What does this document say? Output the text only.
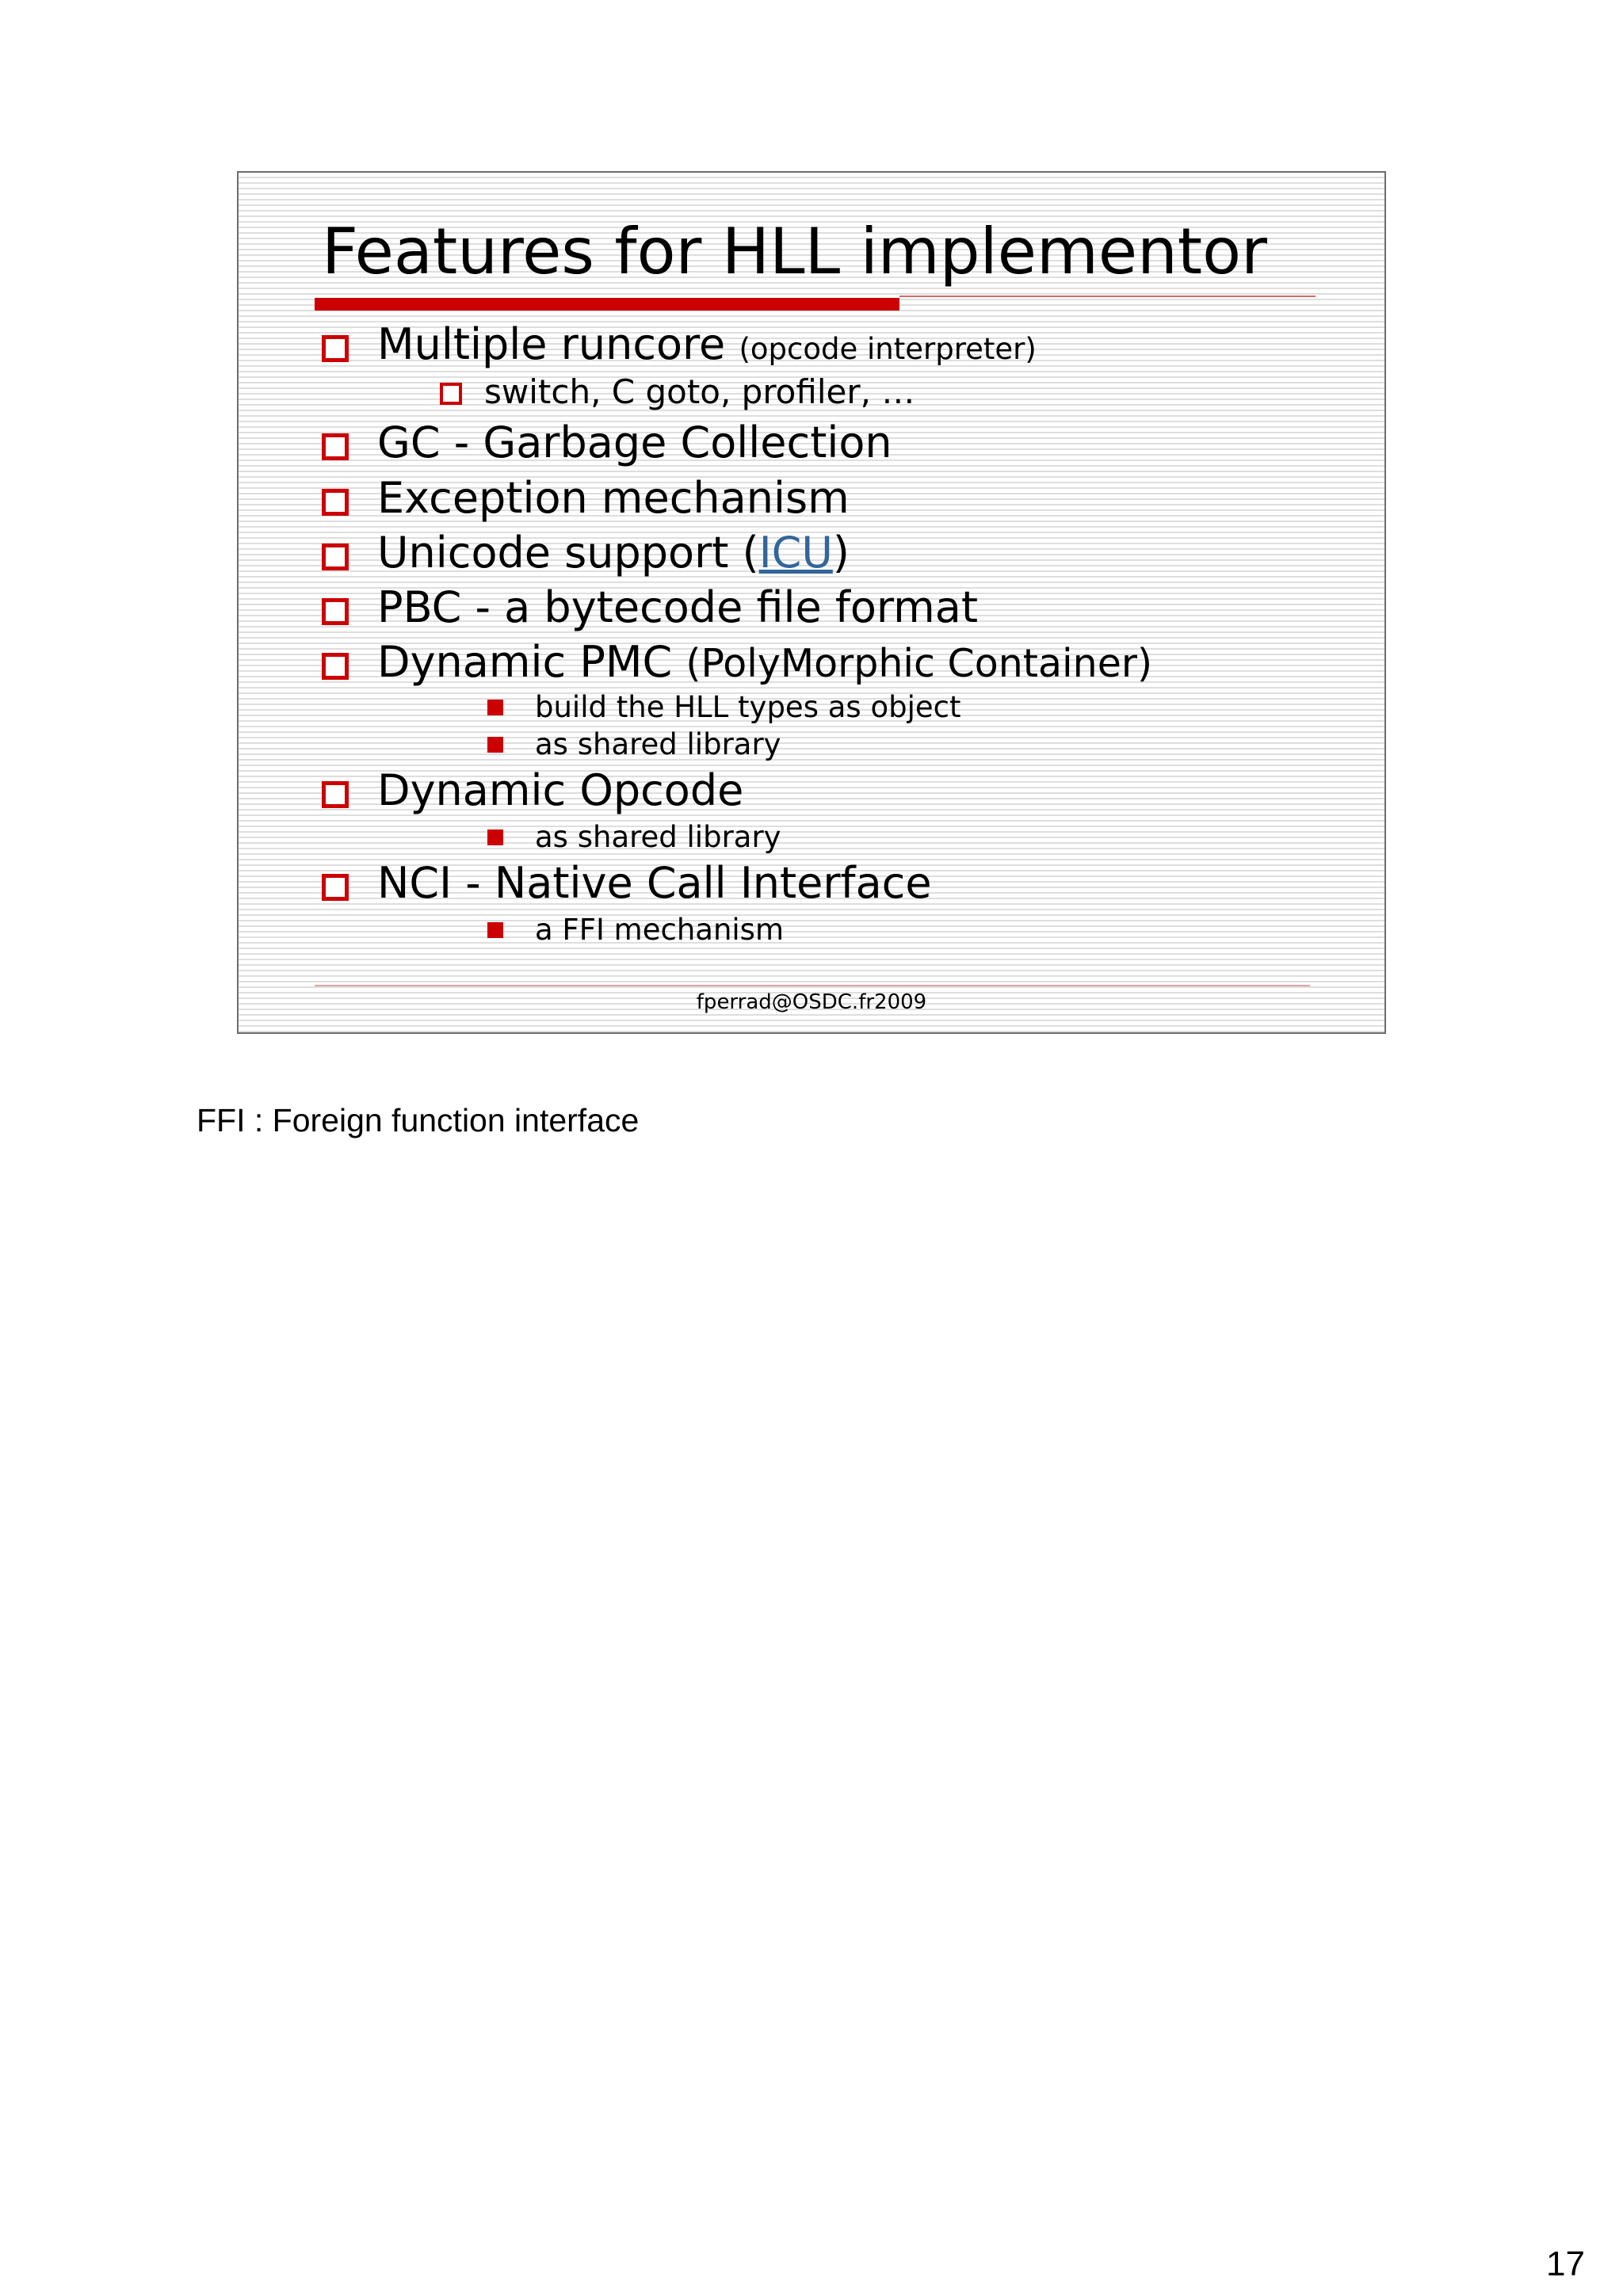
Features for HLL implementor
Multiple runcore (opcode interpreter)
switch, C goto, profiler, …
GC - Garbage Collection
Exception mechanism
Unicode support (ICU)
PBC - a bytecode file format
Dynamic PMC (PolyMorphic Container)
build the HLL types as object
as shared library
Dynamic Opcode
as shared library
NCI - Native Call Interface
a FFI mechanism
fperrad@OSDC.fr2009
FFI : Foreign function interface
17
